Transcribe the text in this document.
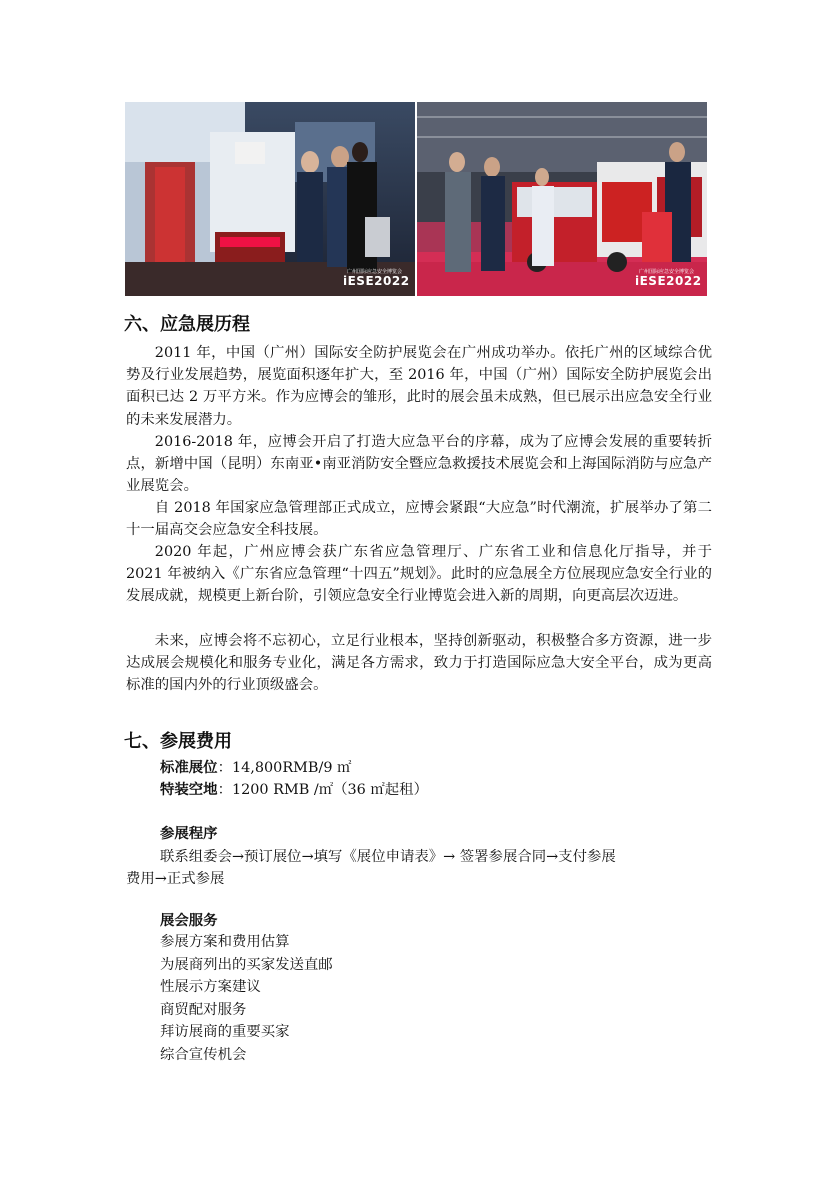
广州国际应急安全博览会
iESE2022
广州国际应急安全博览会
iESE2022
六、应急展历程

2011 年，中国（广州）国际安全防护展览会在广州成功举办。依托广州的区域综合优势及行业发展趋势，展览面积逐年扩大，至 2016 年，中国（广州）国际安全防护展览会出面积已达 2 万平方米。作为应博会的雏形，此时的展会虽未成熟，但已展示出应急安全行业的未来发展潜力。

2016-2018 年，应博会开启了打造大应急平台的序幕，成为了应博会发展的重要转折点，新增中国（昆明）东南亚•南亚消防安全暨应急救援技术展览会和上海国际消防与应急产业展览会。

自 2018 年国家应急管理部正式成立，应博会紧跟“大应急”时代潮流，扩展举办了第二十一届高交会应急安全科技展。

2020 年起，广州应博会获广东省应急管理厅、广东省工业和信息化厅指导，并于 2021 年被纳入《广东省应急管理“十四五”规划》。此时的应急展全方位展现应急安全行业的发展成就，规模更上新台阶，引领应急安全行业博览会进入新的周期，向更高层次迈进。

未来，应博会将不忘初心，立足行业根本，坚持创新驱动，积极整合多方资源，进一步达成展会规模化和服务专业化，满足各方需求，致力于打造国际应急大安全平台，成为更高标准的国内外的行业顶级盛会。

七、参展费用

标准展位：14,800RMB/9 ㎡

特装空地：1200 RMB /㎡（36 ㎡起租）

参展程序

联系组委会→预订展位→填写《展位申请表》→ 签署参展合同→支付参展

费用→正式参展

展会服务

参展方案和费用估算
为展商列出的买家发送直邮
性展示方案建议
商贸配对服务
拜访展商的重要买家
综合宣传机会
